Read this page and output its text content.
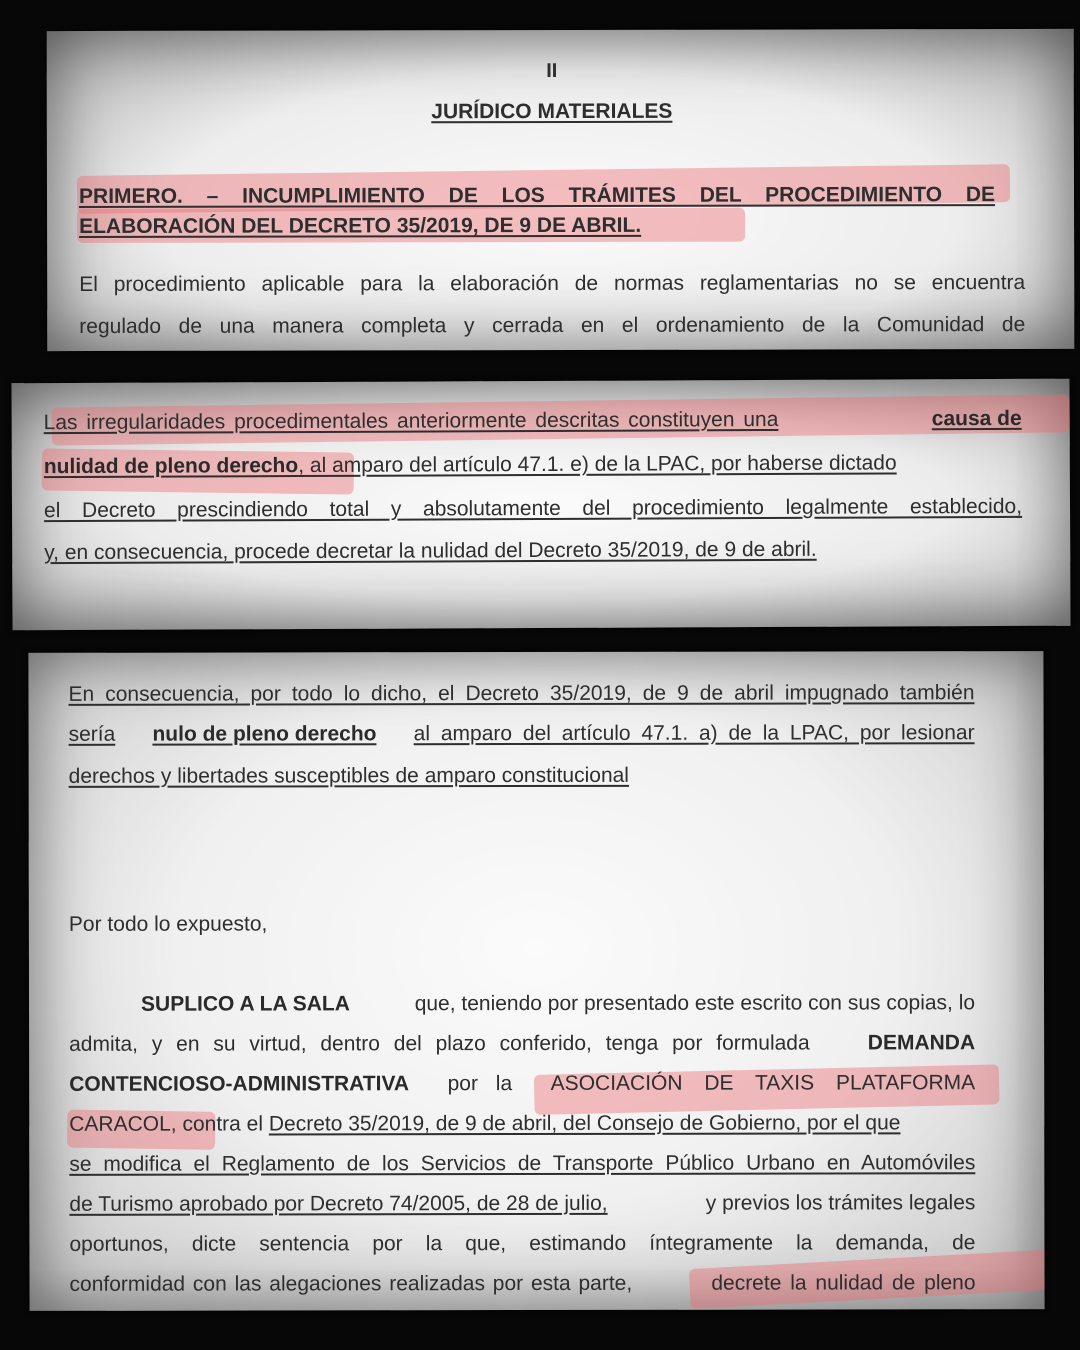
II
JURÍDICO MATERIALES
PRIMERO. – INCUMPLIMIENTO DE LOS TRÁMITES DEL PROCEDIMIENTO DE
ELABORACIÓN DEL DECRETO 35/2019, DE 9 DE ABRIL.
El procedimiento aplicable para la elaboración de normas reglamentarias no se encuentra
regulado de una manera completa y cerrada en el ordenamiento de la Comunidad de
Las irregularidades procedimentales anteriormente descritas constituyen una	causa de
nulidad de pleno derecho, al amparo del artículo 47.1. e) de la LPAC, por haberse dictado
el Decreto prescindiendo total y absolutamente del procedimiento legalmente establecido,
y, en consecuencia, procede decretar la nulidad del Decreto 35/2019, de 9 de abril.
En consecuencia, por todo lo dicho, el Decreto 35/2019, de 9 de abril impugnado también
sería nulo de pleno derecho al amparo del artículo 47.1. a) de la LPAC, por lesionar
derechos y libertades susceptibles de amparo constitucional
Por todo lo expuesto,
SUPLICO A LA SALA	que, teniendo por presentado este escrito con sus copias, lo
admita, y en su virtud, dentro del plazo conferido, tenga por formulada	DEMANDA
CONTENCIOSO-ADMINISTRATIVA por la ASOCIACIÓN DE TAXIS PLATAFORMA
CARACOL, contra el Decreto 35/2019, de 9 de abril, del Consejo de Gobierno, por el que
se modifica el Reglamento de los Servicios de Transporte Público Urbano en Automóviles
de Turismo aprobado por Decreto 74/2005, de 28 de julio,	y previos los trámites legales
oportunos, dicte sentencia por la que, estimando íntegramente la demanda, de
conformidad con las alegaciones realizadas por esta parte,	decrete la nulidad de pleno
